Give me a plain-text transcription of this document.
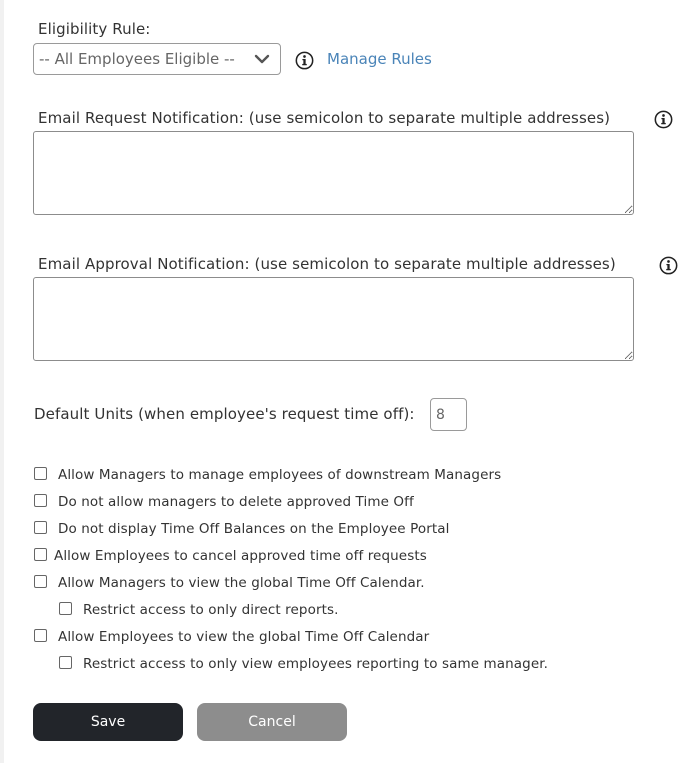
Eligibility Rule:
-- All Employees Eligible --	Manage Rules
Email Request Notification: (use semicolon to separate multiple addresses)
Email Approval Notification: (use semicolon to separate multiple addresses)
Default Units (when employee's request time off):
8
Allow Managers to manage employees of downstream Managers
Do not allow managers to delete approved Time Off
Do not display Time Off Balances on the Employee Portal
Allow Employees to cancel approved time off requests
Allow Managers to view the global Time Off Calendar.
Restrict access to only direct reports.
Allow Employees to view the global Time Off Calendar
Restrict access to only view employees reporting to same manager.
Save	Cancel
